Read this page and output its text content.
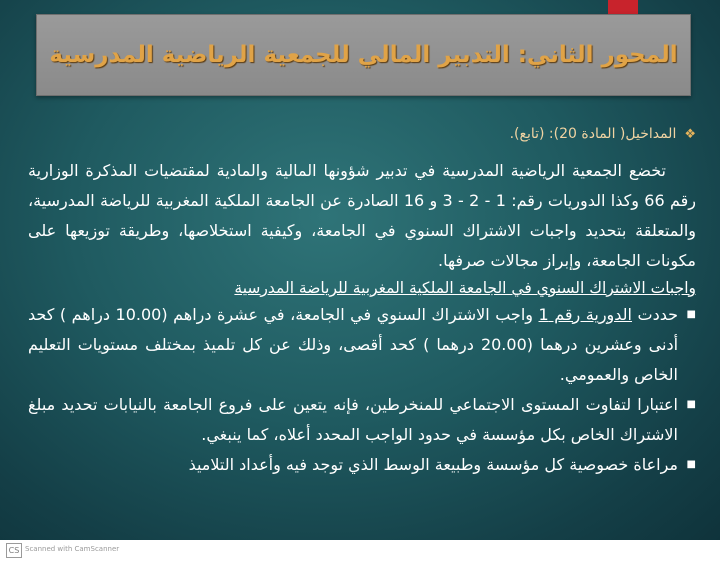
المحور الثاني: التدبير المالي للجمعية الرياضية المدرسية
❖
المداخيل( المادة 20): (تابع).

تخضع الجمعية الرياضية المدرسية في تدبير شؤونها المالية والمادية لمقتضيات المذكرة الوزارية رقم 66 وكذا الدوريات رقم: 1 - 2 - 3 و 16 الصادرة عن الجامعة الملكية المغربية للرياضة المدرسية، والمتعلقة بتحديد واجبات الاشتراك السنوي في الجامعة، وكيفية استخلاصها، وطريقة توزيعها على مكونات الجامعة، وإبراز مجالات صرفها.

واجبات الاشتراك السنوي في الجامعة الملكية المغربية للرياضة المدرسية

■
حددت الدورية رقم 1 واجب الاشتراك السنوي في الجامعة، في عشرة دراهم (10.00 دراهم ) كحد أدنى وعشرين درهما (20.00 درهما ) كحد أقصى، وذلك عن كل تلميذ بمختلف مستويات التعليم الخاص والعمومي.
■
اعتبارا لتفاوت المستوى الاجتماعي للمنخرطين، فإنه يتعين على فروع الجامعة بالنيابات تحديد مبلغ الاشتراك الخاص بكل مؤسسة في حدود الواجب المحدد أعلاه، كما ينبغي.
■
مراعاة خصوصية كل مؤسسة وطبيعة الوسط الذي توجد فيه وأعداد التلاميذ
CS Scanned with CamScanner
